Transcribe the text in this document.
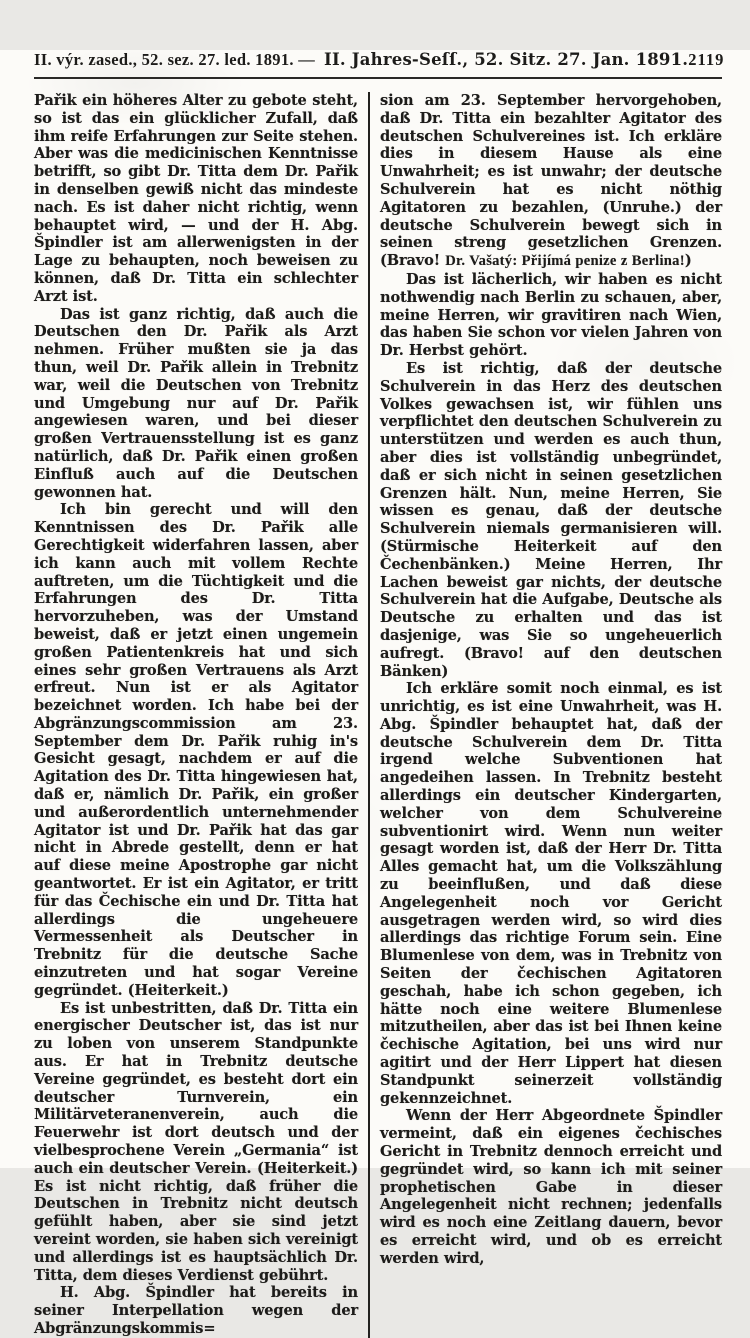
II. výr. zased., 52. sez. 27. led. 1891. — II. Jahres-Seſſ., 52. Sitz. 27. Jan. 1891. 2119

Pařik ein höheres Alter zu gebote steht, so ist das ein glücklicher Zufall, daß ihm reife Erfahrungen zur Seite stehen. Aber was die medicinischen Kenntnisse betrifft, so gibt Dr. Titta dem Dr. Pařik in denselben gewiß nicht das mindeste nach. Es ist daher nicht richtig, wenn behauptet wird, — und der H. Abg. Špindler ist am allerwenigsten in der Lage zu behaupten, noch beweisen zu können, daß Dr. Titta ein schlechter Arzt ist.

Das ist ganz richtig, daß auch die Deutschen den Dr. Pařik als Arzt nehmen. Früher mußten sie ja das thun, weil Dr. Pařik allein in Trebnitz war, weil die Deutschen von Trebnitz und Umgebung nur auf Dr. Pařik angewiesen waren, und bei dieser großen Vertrauensstellung ist es ganz natürlich, daß Dr. Pařik einen großen Einfluß auch auf die Deutschen gewonnen hat.

Ich bin gerecht und will den Kenntnissen des Dr. Pařik alle Gerechtigkeit widerfahren lassen, aber ich kann auch mit vollem Rechte auftreten, um die Tüchtigkeit und die Erfahrungen des Dr. Titta hervorzuheben, was der Umstand beweist, daß er jetzt einen ungemein großen Patientenkreis hat und sich eines sehr großen Vertrauens als Arzt erfreut. Nun ist er als Agitator bezeichnet worden. Ich habe bei der Abgränzungscommission am 23. September dem Dr. Pařik ruhig in's Gesicht gesagt, nachdem er auf die Agitation des Dr. Titta hingewiesen hat, daß er, nämlich Dr. Pařik, ein großer und außerordentlich unternehmender Agitator ist und Dr. Pařik hat das gar nicht in Abrede gestellt, denn er hat auf diese meine Apostrophe gar nicht geantwortet. Er ist ein Agitator, er tritt für das Čechische ein und Dr. Titta hat allerdings die ungeheuere Vermessenheit als Deutscher in Trebnitz für die deutsche Sache einzutreten und hat sogar Vereine gegründet. (Heiterkeit.)

Es ist unbestritten, daß Dr. Titta ein energischer Deutscher ist, das ist nur zu loben von unserem Standpunkte aus. Er hat in Trebnitz deutsche Vereine gegründet, es besteht dort ein deutscher Turnverein, ein Militärveteranenverein, auch die Feuerwehr ist dort deutsch und der vielbesprochene Verein „Germania“ ist auch ein deutscher Verein. (Heiterkeit.) Es ist nicht richtig, daß früher die Deutschen in Trebnitz nicht deutsch gefühlt haben, aber sie sind jetzt vereint worden, sie haben sich vereinigt und allerdings ist es hauptsächlich Dr. Titta, dem dieses Verdienst gebührt.

H. Abg. Špindler hat bereits in seiner Interpellation wegen der Abgränzungskommis=

sion am 23. September hervorgehoben, daß Dr. Titta ein bezahlter Agitator des deutschen Schulvereines ist. Ich erkläre dies in diesem Hause als eine Unwahrheit; es ist unwahr; der deutsche Schulverein hat es nicht nöthig Agitatoren zu bezahlen, (Unruhe.) der deutsche Schulverein bewegt sich in seinen streng gesetzlichen Grenzen. (Bravo! Dr. Vašatý: Přijímá penize z Berlina!)

Das ist lächerlich, wir haben es nicht nothwendig nach Berlin zu schauen, aber, meine Herren, wir gravitiren nach Wien, das haben Sie schon vor vielen Jahren von Dr. Herbst gehört.

Es ist richtig, daß der deutsche Schulverein in das Herz des deutschen Volkes gewachsen ist, wir fühlen uns verpflichtet den deutschen Schulverein zu unterstützen und werden es auch thun, aber dies ist vollständig unbegründet, daß er sich nicht in seinen gesetzlichen Grenzen hält. Nun, meine Herren, Sie wissen es genau, daß der deutsche Schulverein niemals germanisieren will. (Stürmische Heiterkeit auf den Čechenbänken.) Meine Herren, Ihr Lachen beweist gar nichts, der deutsche Schulverein hat die Aufgabe, Deutsche als Deutsche zu erhalten und das ist dasjenige, was Sie so ungeheuerlich aufregt. (Bravo! auf den deutschen Bänken)

Ich erkläre somit noch einmal, es ist unrichtig, es ist eine Unwahrheit, was H. Abg. Špindler behauptet hat, daß der deutsche Schulverein dem Dr. Titta irgend welche Subventionen hat angedeihen lassen. In Trebnitz besteht allerdings ein deutscher Kindergarten, welcher von dem Schulvereine subventionirt wird. Wenn nun weiter gesagt worden ist, daß der Herr Dr. Titta Alles gemacht hat, um die Volkszählung zu beeinflußen, und daß diese Angelegenheit noch vor Gericht ausgetragen werden wird, so wird dies allerdings das richtige Forum sein. Eine Blumenlese von dem, was in Trebnitz von Seiten der čechischen Agitatoren geschah, habe ich schon gegeben, ich hätte noch eine weitere Blumenlese mitzutheilen, aber das ist bei Ihnen keine čechische Agitation, bei uns wird nur agitirt und der Herr Lippert hat diesen Standpunkt seinerzeit vollständig gekennzeichnet.

Wenn der Herr Abgeordnete Špindler vermeint, daß ein eigenes čechisches Gericht in Trebnitz dennoch erreicht und gegründet wird, so kann ich mit seiner prophetischen Gabe in dieser Angelegenheit nicht rechnen; jedenfalls wird es noch eine Zeitlang dauern, bevor es erreicht wird, und ob es erreicht werden wird,
